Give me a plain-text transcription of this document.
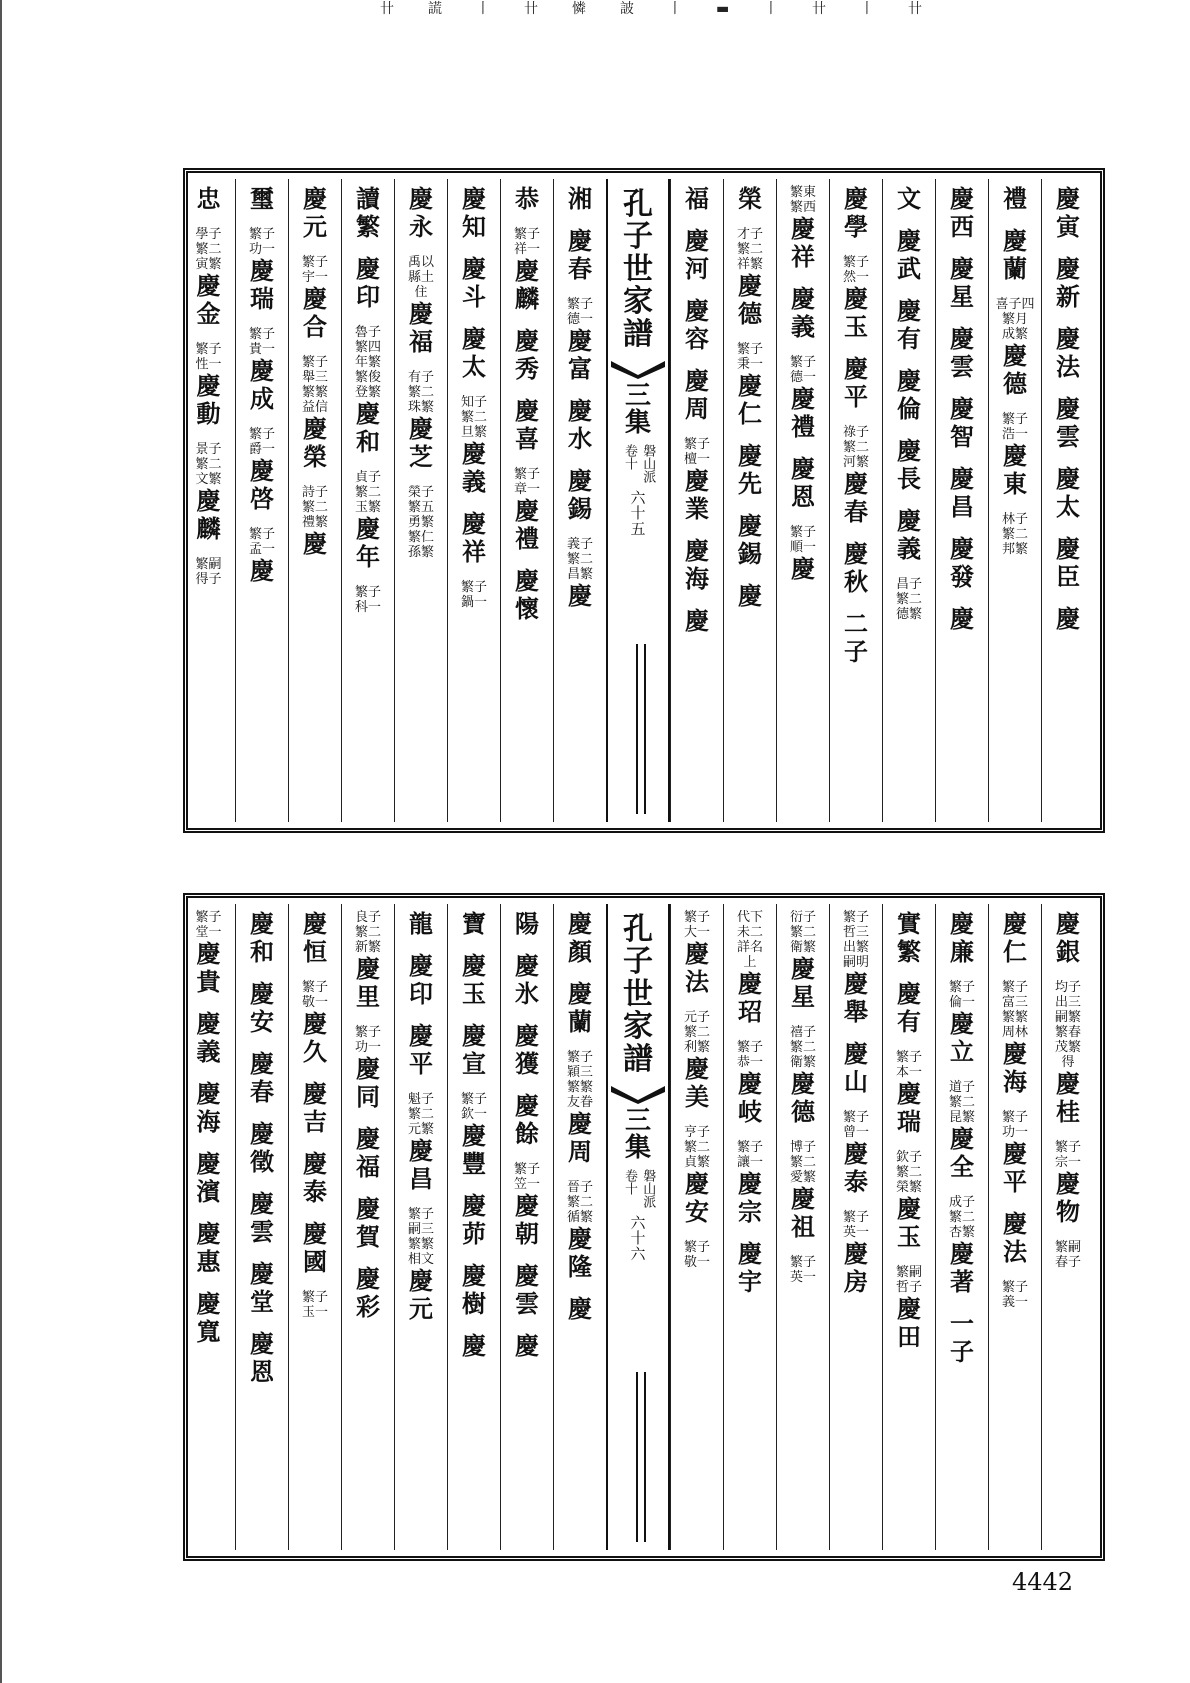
卄 謊 丨 卄 憐 詖 丨 ▬	丨 卄 丨 卄
慶
寅
慶
新
慶
法
慶
雲
慶
太
慶
臣
慶
禮
慶
蘭
喜子四
繁月
成繁
慶
德
繁子
浩一
慶
東
林子
繁二
邦繁
慶
西
慶
星
慶
雲
慶
智
慶
昌
慶
發
慶
文
慶
武
慶
有
慶
倫
慶
長
慶
義
昌子
繁二
德繁
慶
學
繁子
然一
慶
玉
慶
平
祿子
繁二
河繁
慶
春
慶
秋
二
子
繁東
繁西
慶
祥
慶
義
繁子
德一
慶
禮
慶
恩
繁子
順一
慶
榮
才子
繁二
祥繁
慶
德
繁子
秉一
慶
仁
慶
先
慶
錫
慶
福
慶
河
慶
容
慶
周
繁子
檀一
慶
業
慶
海
慶
孔
子
世
家
譜
三
集
卷十 磐山派
六
十
五
湘
慶
春
繁子
德一
慶
富
慶
水
慶
錫
義子
繁二
昌繁
慶
恭
繁子
祥一
慶
麟
慶
秀
慶
喜
繁子
章一
慶
禮
慶
懷
慶
知
慶
斗
慶
太
知子
繁二
旦繁
慶
義
慶
祥
繁子
鍋一
慶
永
禹以
縣土
住
慶
福
有子
繁二
珠繁
慶
芝
榮子
繁五
勇繁
繁仁
孫繁
讀
繁
慶
印
魯子
繁四
年繁
繁俊
登繁
慶
和
貞子
繁二
玉繁
慶
年
繁子
科一
慶
元
繁子
宇一
慶
合
繁子
舉三
繁繁
益信
慶
榮
詩子
繁二
禮繁
慶
璽
繁子
功一
慶
瑞
繁子
貴一
慶
成
繁子
爵一
慶
啓
繁子
孟一
慶
忠
學子
繁二
寅繁
慶
金
繁子
性一
慶
動
景子
繁二
文繁
慶
麟
繁嗣
得子
慶
銀
均子
出三
嗣繁
繁春
茂繁
得
慶
桂
繁子
宗一
慶
物
繁嗣
春子
慶
仁
繁子
富三
繁繁
周林
慶
海
繁子
功一
慶
平
慶
法
繁子
義一
慶
廉
繁子
倫一
慶
立
道子
繁二
昆繁
慶
全
成子
繁二
杏繁
慶
著
一
子
實
繁
慶
有
繁子
本一
慶
瑞
欽子
繁二
榮繁
慶
玉
繁嗣
哲子
慶
田
繁子
哲三
出繁
嗣明
慶
舉
慶
山
繁子
曾一
慶
泰
繁子
英一
慶
房
衍子
繁二
衛繁
慶
星
禧子
繁二
衛繁
慶
德
博子
繁二
愛繁
慶
祖
繁子
英一
代下
未二
詳名
上
慶
玿
繁子
恭一
慶
岐
繁子
讓一
慶
宗
慶
宇
繁子
大一
慶
法
元子
繁二
利繁
慶
美
亨子
繁二
貞繁
慶
安
繁子
敬一
孔
子
世
家
譜
三
集
卷十 磐山派
六
十
六
慶
顏
慶
蘭
繁子
穎三
繁繁
友眷
慶
周
晉子
繁二
循繁
慶
隆
慶
陽
慶
氷
慶
獲
慶
餘
繁子
笠一
慶
朝
慶
雲
慶
寶
慶
玉
慶
宣
繁子
欽一
慶
豐
慶
茆
慶
樹
慶
龍
慶
印
慶
平
魁子
繁二
元繁
慶
昌
繁子
嗣三
繁繁
相文
慶
元
良子
繁二
新繁
慶
里
繁子
功一
慶
同
慶
福
慶
賀
慶
彩
慶
恒
繁子
敬一
慶
久
慶
吉
慶
泰
慶
國
繁子
玉一
慶
和
慶
安
慶
春
慶
徵
慶
雲
慶
堂
慶
恩
繁子
堂一
慶
貴
慶
義
慶
海
慶
濱
慶
惠
慶
寬
4442
